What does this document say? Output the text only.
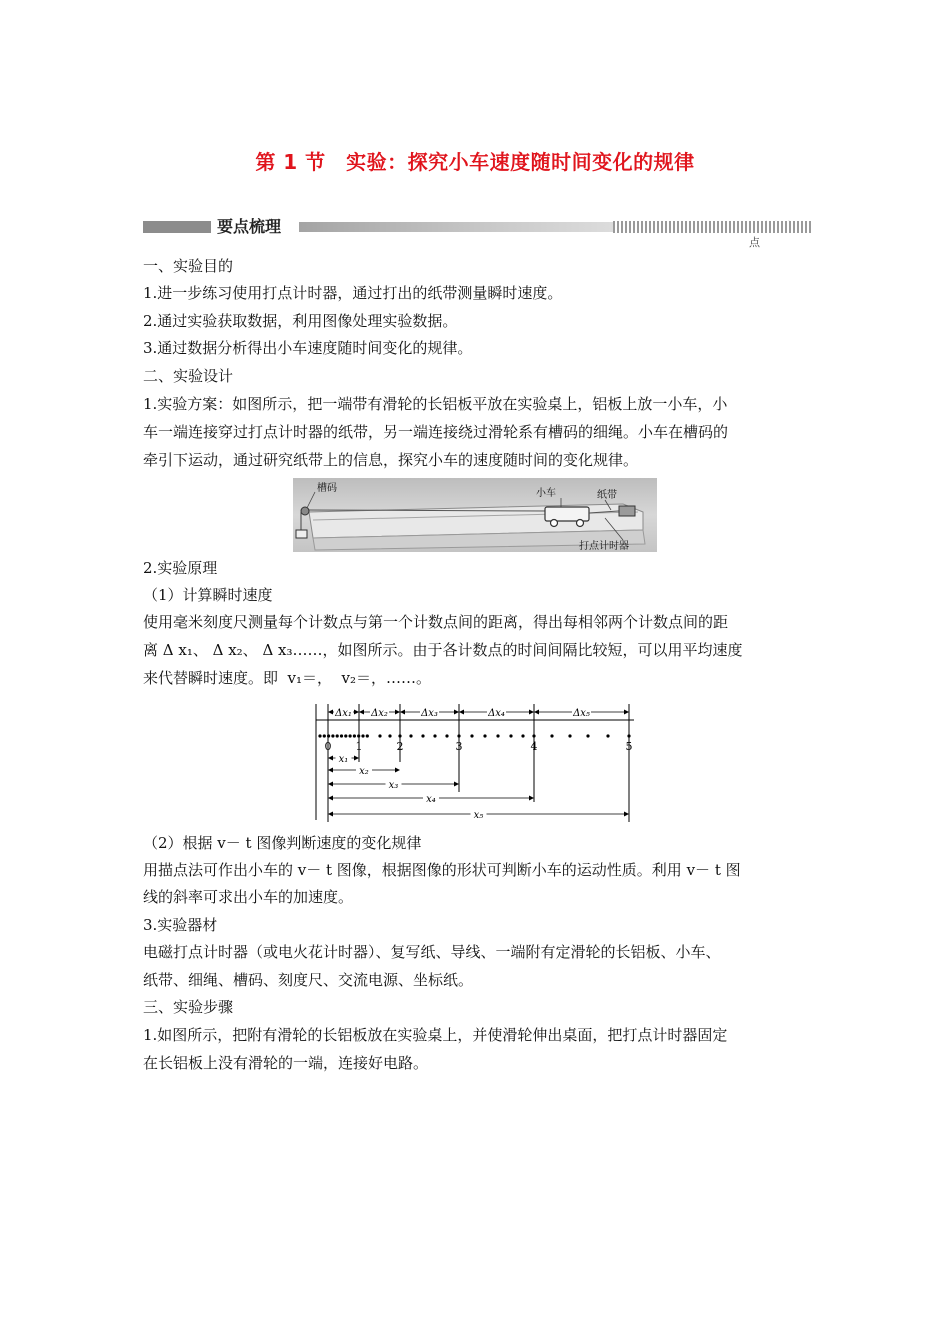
第 1 节　实验：探究小车速度随时间变化的规律
要点梳理
点
一、实验目的
1.进一步练习使用打点计时器，通过打出的纸带测量瞬时速度。
2.通过实验获取数据，利用图像处理实验数据。
3.通过数据分析得出小车速度随时间变化的规律。
二、实验设计
1.实验方案：如图所示，把一端带有滑轮的长铝板平放在实验桌上，铝板上放一小车，小
车一端连接穿过打点计时器的纸带，另一端连接绕过滑轮系有槽码的细绳。小车在槽码的
牵引下运动，通过研究纸带上的信息，探究小车的速度随时间的变化规律。
槽码	小车	纸带
打点计时器
2.实验原理
（1）计算瞬时速度
使用毫米刻度尺测量每个计数点与第一个计数点间的距离，得出每相邻两个计数点间的距
离 Δ x₁、 Δ x₂、 Δ x₃……，如图所示。由于各计数点的时间间隔比较短，可以用平均速度
来代替瞬时速度。即  v₁＝，  v₂＝，……。
Δx₁ Δx₂	Δx₃	Δx₄	Δx₅
0 1	2	3	4	5
x₁
x₂
x₃
x₄
x₅
（2）根据 v－ t 图像判断速度的变化规律
用描点法可作出小车的 v－ t 图像，根据图像的形状可判断小车的运动性质。利用 v－ t 图
线的斜率可求出小车的加速度。
3.实验器材
电磁打点计时器（或电火花计时器）、复写纸、导线、一端附有定滑轮的长铝板、小车、
纸带、细绳、槽码、刻度尺、交流电源、坐标纸。
三、实验步骤
1.如图所示，把附有滑轮的长铝板放在实验桌上，并使滑轮伸出桌面，把打点计时器固定
在长铝板上没有滑轮的一端，连接好电路。
